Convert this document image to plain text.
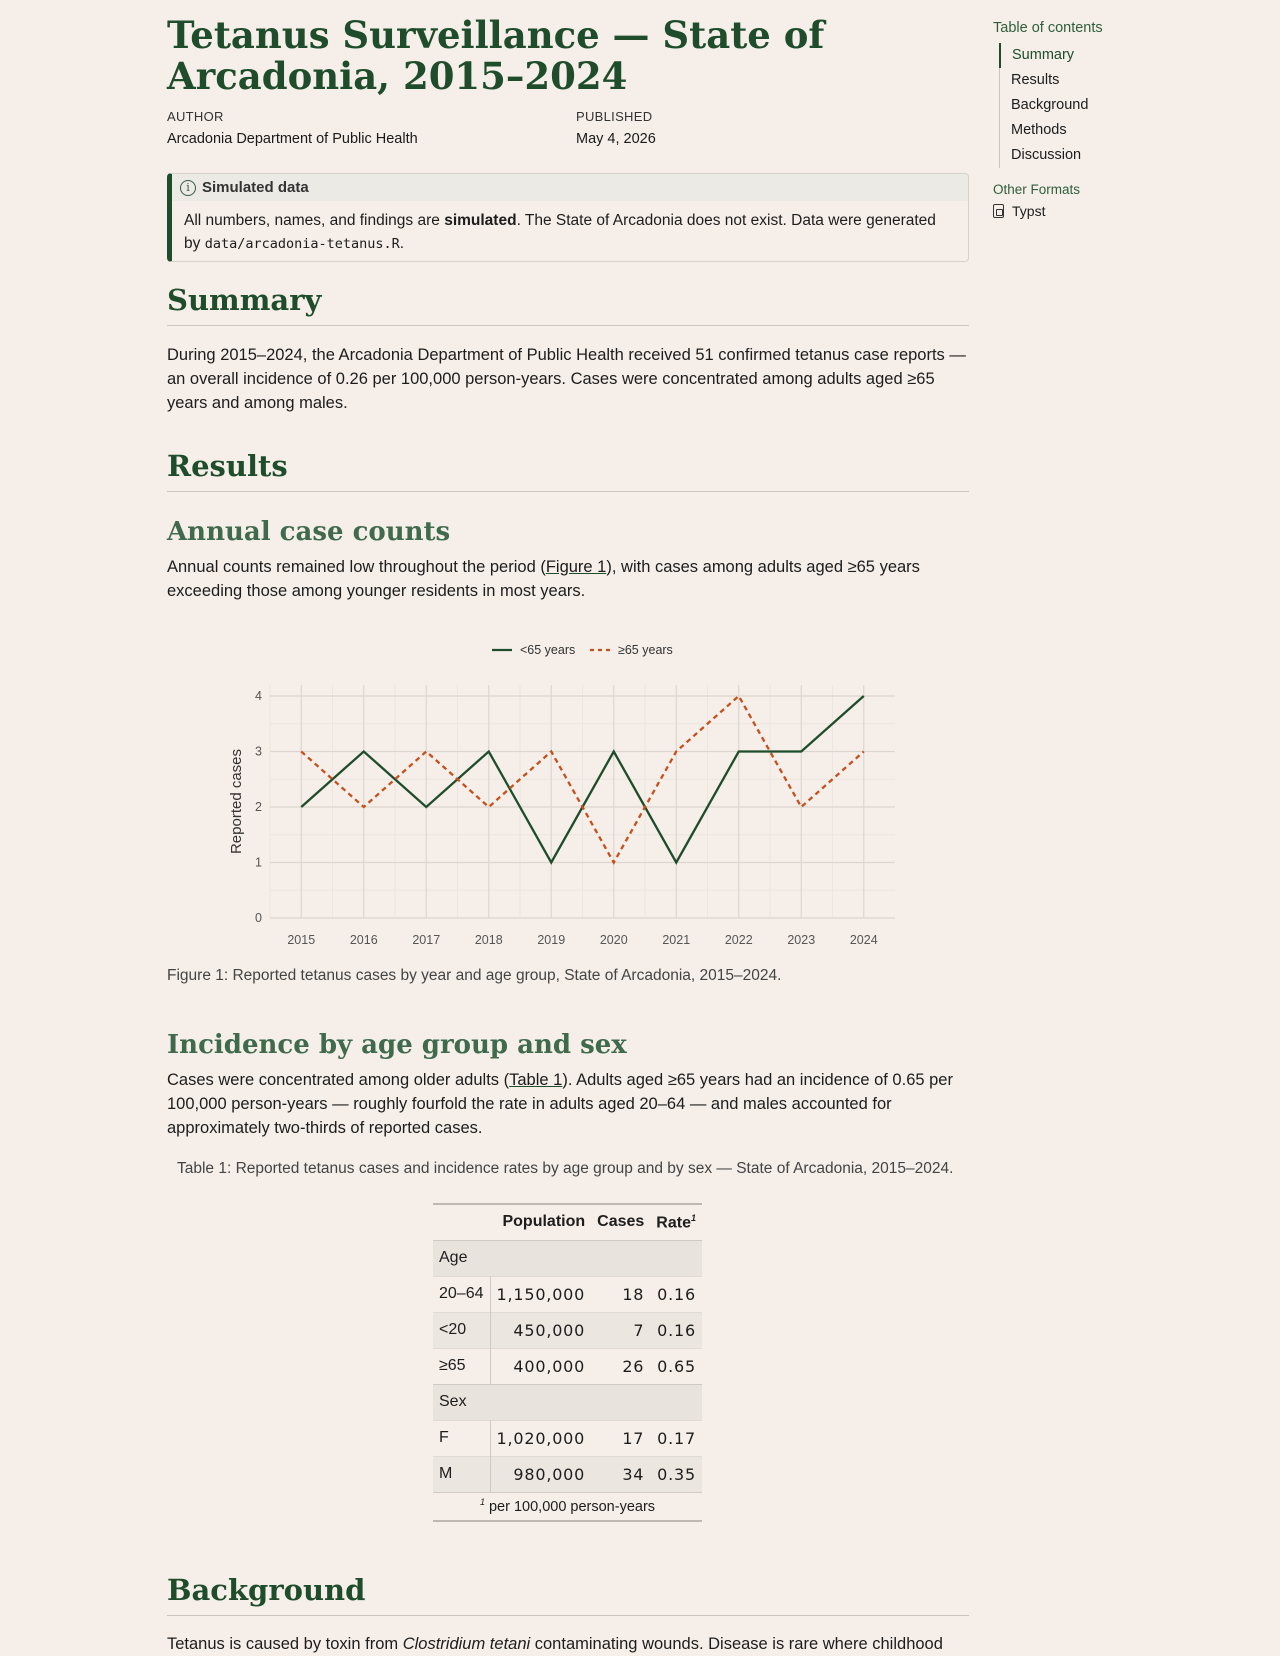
Tetanus Surveillance — State of Arcadonia, 2015–2024
AUTHOR
Arcadonia Department of Public Health
PUBLISHED
May 4, 2026
i Simulated data
All numbers, names, and findings are simulated. The State of Arcadonia does not exist. Data were generated by data/arcadonia-tetanus.R.
Summary

During 2015–2024, the Arcadonia Department of Public Health received 51 confirmed tetanus case reports — an overall incidence of 0.26 per 100,000 person-years. Cases were concentrated among adults aged ≥65 years and among males.

Results
Annual case counts

Annual counts remained low throughout the period (Figure 1), with cases among adults aged ≥65 years exceeding those among younger residents in most years.

Figure 1: Reported tetanus cases by year and age group, State of Arcadonia, 2015–2024.

Incidence by age group and sex

Cases were concentrated among older adults (Table 1). Adults aged ≥65 years had an incidence of 0.65 per 100,000 person-years — roughly fourfold the rate in adults aged 20–64 — and males accounted for approximately two-thirds of reported cases.

Table 1: Reported tetanus cases and incidence rates by age group and by sex — State of Arcadonia, 2015–2024.

	Population	Cases	Rate$^1$
Age			
20–64	1,150,000	18	0.16
<20	450,000	7	0.16
≥65	400,000	26	0.65
Sex			
F	1,020,000	17	0.17
M	980,000	34	0.35
$^1$ per 100,000 person-years			
Background

Tetanus is caused by toxin from Clostridium tetani contaminating wounds. Disease is rare where childhood

2015	2016	2017	2018	2019	2020	2021	2022	2023	2024
0
1
2
3
4
Reported cases
<65 years	≥65 years
Table of contents
Summary
Results
Background
Methods
Discussion
Other Formats
Typst
